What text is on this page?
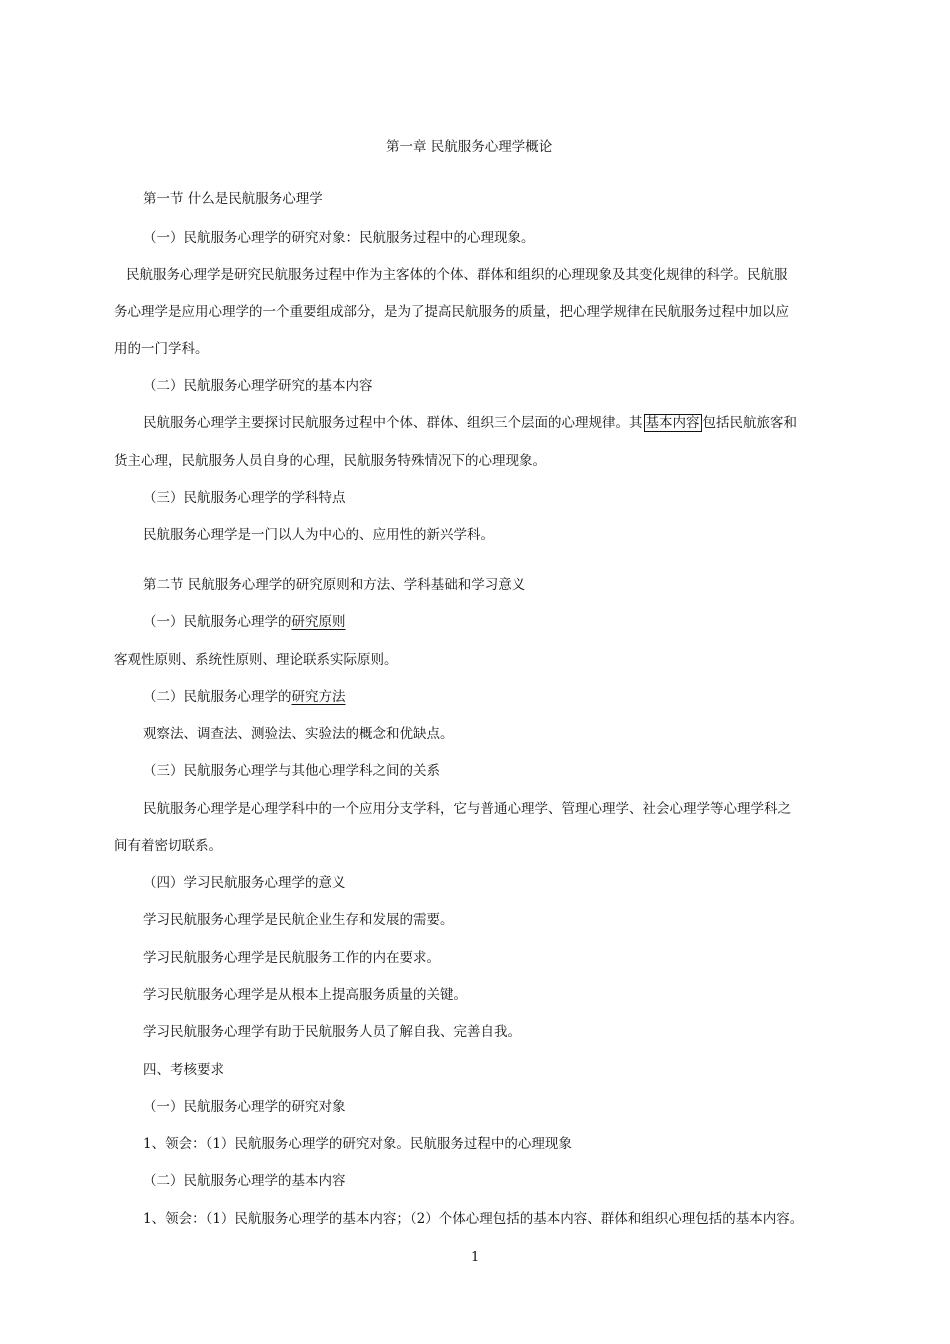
第一章 民航服务心理学概论
第一节 什么是民航服务心理学
（一）民航服务心理学的研究对象：民航服务过程中的心理现象。
民航服务心理学是研究民航服务过程中作为主客体的个体、群体和组织的心理现象及其变化规律的科学。民航服
务心理学是应用心理学的一个重要组成部分，是为了提高民航服务的质量，把心理学规律在民航服务过程中加以应
用的一门学科。
（二）民航服务心理学研究的基本内容
民航服务心理学主要探讨民航服务过程中个体、群体、组织三个层面的心理规律。其 基本内容 包括民航旅客和
货主心理，民航服务人员自身的心理，民航服务特殊情况下的心理现象。
（三）民航服务心理学的学科特点
民航服务心理学是一门以人为中心的、应用性的新兴学科。
第二节 民航服务心理学的研究原则和方法、学科基础和学习意义
（一）民航服务心理学的研究原则
客观性原则、系统性原则、理论联系实际原则。
（二）民航服务心理学的研究方法
观察法、调查法、测验法、实验法的概念和优缺点。
（三）民航服务心理学与其他心理学科之间的关系
民航服务心理学是心理学科中的一个应用分支学科，它与普通心理学、管理心理学、社会心理学等心理学科之
间有着密切联系。
（四）学习民航服务心理学的意义
学习民航服务心理学是民航企业生存和发展的需要。
学习民航服务心理学是民航服务工作的内在要求。
学习民航服务心理学是从根本上提高服务质量的关键。
学习民航服务心理学有助于民航服务人员了解自我、完善自我。
四、考核要求
（一）民航服务心理学的研究对象
1、领会：（1）民航服务心理学的研究对象。民航服务过程中的心理现象
（二）民航服务心理学的基本内容
1、领会：（1）民航服务心理学的基本内容；（2）个体心理包括的基本内容、群体和组织心理包括的基本内容。
1
